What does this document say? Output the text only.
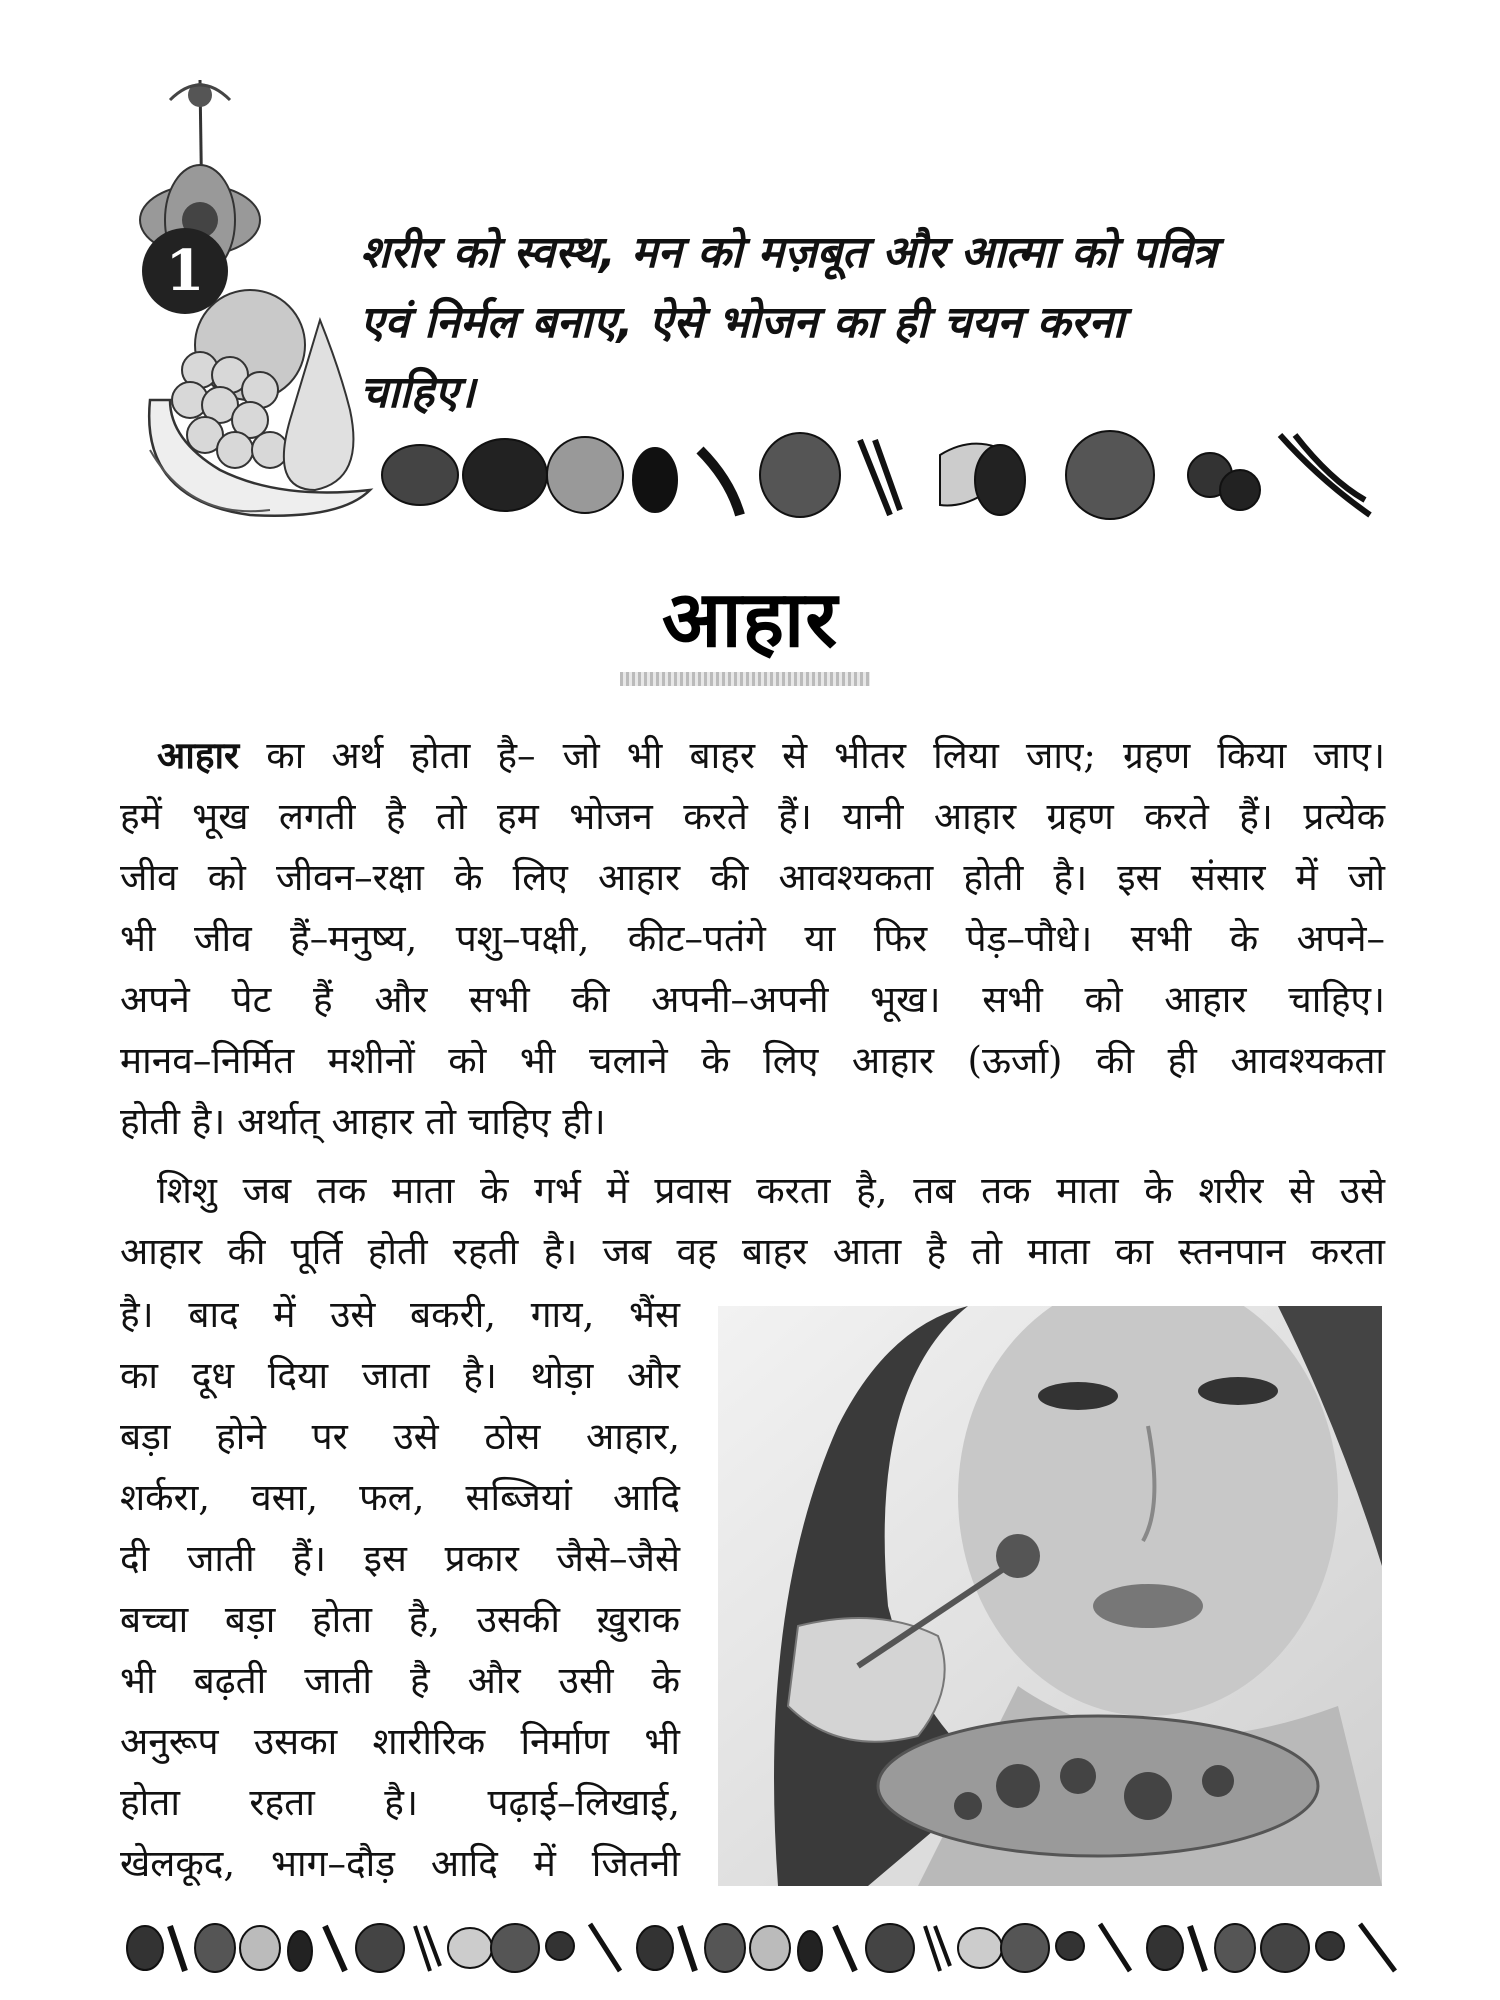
1	शरीर को स्वस्थ, मन को मज़बूत और आत्मा को पवित्र
एवं निर्मल बनाए, ऐसे भोजन का ही चयन करना
चाहिए।
आहार
 आहार का अर्थ होता है– जो भी बाहर से भीतर लिया जाए; ग्रहण किया जाए।
हमें भूख लगती है तो हम भोजन करते हैं। यानी आहार ग्रहण करते हैं। प्रत्येक
जीव को जीवन–रक्षा के लिए आहार की आवश्यकता होती है। इस संसार में जो
भी जीव हैं–मनुष्य, पशु–पक्षी, कीट–पतंगे या फिर पेड़–पौधे। सभी के अपने–
अपने पेट हैं और सभी की अपनी–अपनी भूख। सभी को आहार चाहिए।
मानव–निर्मित मशीनों को भी चलाने के लिए आहार (ऊर्जा) की ही आवश्यकता
होती है। अर्थात् आहार तो चाहिए ही।
 शिशु जब तक माता के गर्भ में प्रवास करता है, तब तक माता के शरीर से उसे
आहार की पूर्ति होती रहती है। जब वह बाहर आता है तो माता का स्तनपान करता
है। बाद में उसे बकरी, गाय, भैंस
का दूध दिया जाता है। थोड़ा और
बड़ा होने पर उसे ठोस आहार,
शर्करा, वसा, फल, सब्जियां आदि
दी जाती हैं। इस प्रकार जैसे–जैसे
बच्चा बड़ा होता है, उसकी ख़ुराक
भी बढ़ती जाती है और उसी के
अनुरूप उसका शारीरिक निर्माण भी
होता रहता है। पढ़ाई–लिखाई,
खेलकूद, भाग–दौड़ आदि में जितनी
